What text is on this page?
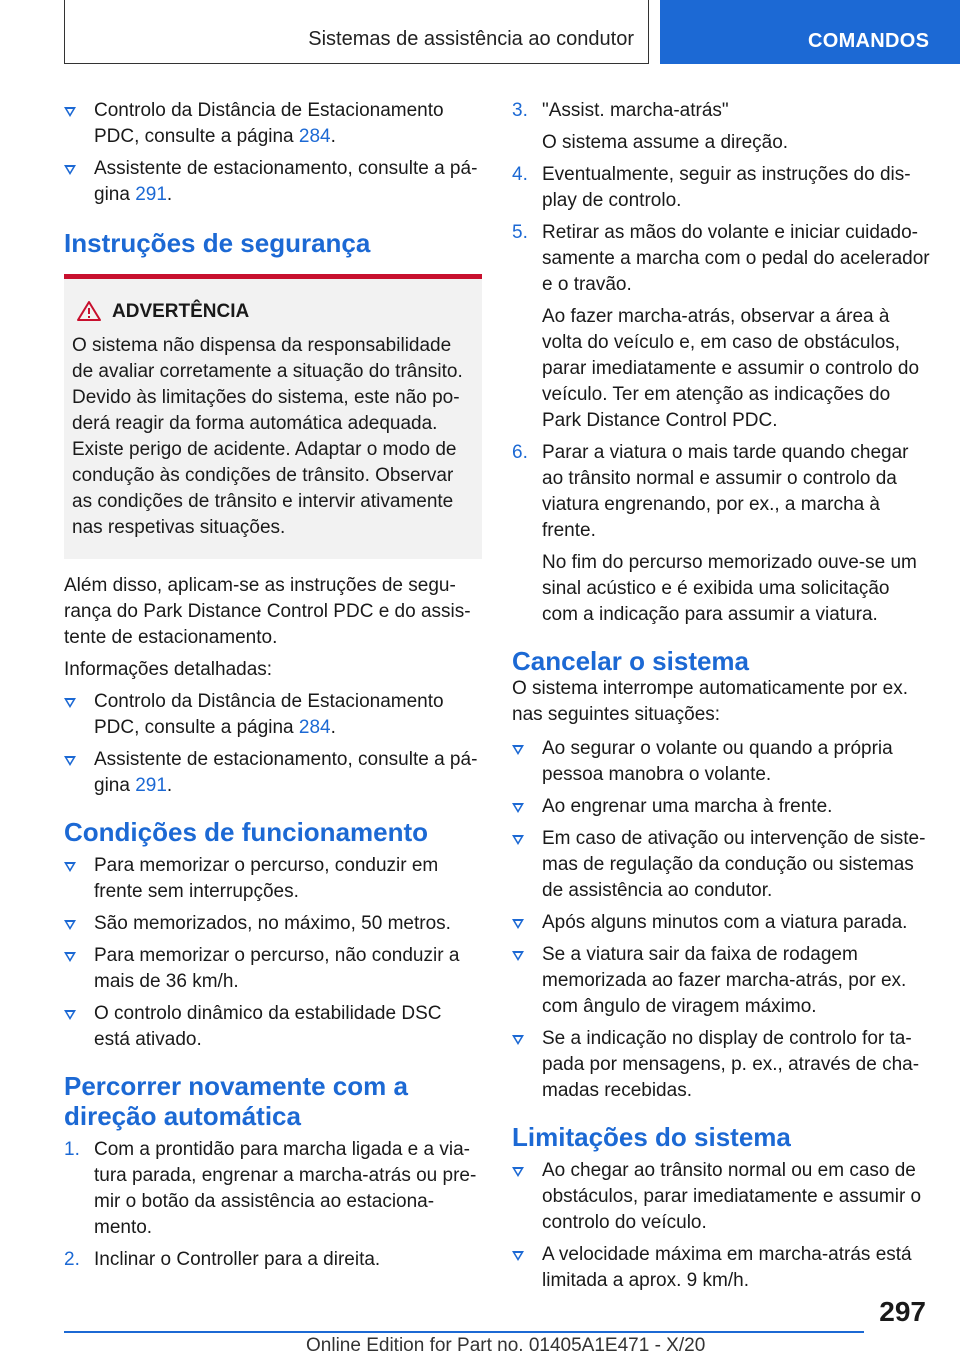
Sistemas de assistência ao condutor	COMANDOS
Controlo da Distância de Estacionamento PDC, consulte a página 284.
Assistente de estacionamento, consulte a página 291.
Instruções de segurança
ADVERTÊNCIA
O sistema não dispensa da responsabilidade de avaliar corretamente a situação do trânsito. Devido às limitações do sistema, este não poderá reagir da forma automática adequada. Existe perigo de acidente. Adaptar o modo de condução às condições de trânsito. Observar as condições de trânsito e intervir ativamente nas respetivas situações.

Além disso, aplicam-se as instruções de segurança do Park Distance Control PDC e do assistente de estacionamento.

Informações detalhadas:

Controlo da Distância de Estacionamento PDC, consulte a página 284.
Assistente de estacionamento, consulte a página 291.
Condições de funcionamento
Para memorizar o percurso, conduzir em frente sem interrupções.
São memorizados, no máximo, 50 metros.
Para memorizar o percurso, não conduzir a mais de 36 km/h.
O controlo dinâmico da estabilidade DSC está ativado.
Percorrer novamente com a direção automática
1. Com a prontidão para marcha ligada e a viatura parada, engrenar a marcha-atrás ou premir o botão da assistência ao estacionamento.
2. Inclinar o Controller para a direita.
3. "Assist. marcha-atrás"
O sistema assume a direção.
4. Eventualmente, seguir as instruções do display de controlo.
5. Retirar as mãos do volante e iniciar cuidadosamente a marcha com o pedal do acelerador e o travão.
Ao fazer marcha-atrás, observar a área à volta do veículo e, em caso de obstáculos, parar imediatamente e assumir o controlo do veículo. Ter em atenção as indicações do Park Distance Control PDC.
6. Parar a viatura o mais tarde quando chegar ao trânsito normal e assumir o controlo da viatura engrenando, por ex., a marcha à frente.
No fim do percurso memorizado ouve-se um sinal acústico e é exibida uma solicitação com a indicação para assumir a viatura.
Cancelar o sistema

O sistema interrompe automaticamente por ex. nas seguintes situações:

Ao segurar o volante ou quando a própria pessoa manobra o volante.
Ao engrenar uma marcha à frente.
Em caso de ativação ou intervenção de sistemas de regulação da condução ou sistemas de assistência ao condutor.
Após alguns minutos com a viatura parada.
Se a viatura sair da faixa de rodagem memorizada ao fazer marcha-atrás, por ex. com ângulo de viragem máximo.
Se a indicação no display de controlo for tapada por mensagens, p. ex., através de chamadas recebidas.
Limitações do sistema
Ao chegar ao trânsito normal ou em caso de obstáculos, parar imediatamente e assumir o controlo do veículo.
A velocidade máxima em marcha-atrás está limitada a aprox. 9 km/h.
297
Online Edition for Part no. 01405A1E471 - X/20
